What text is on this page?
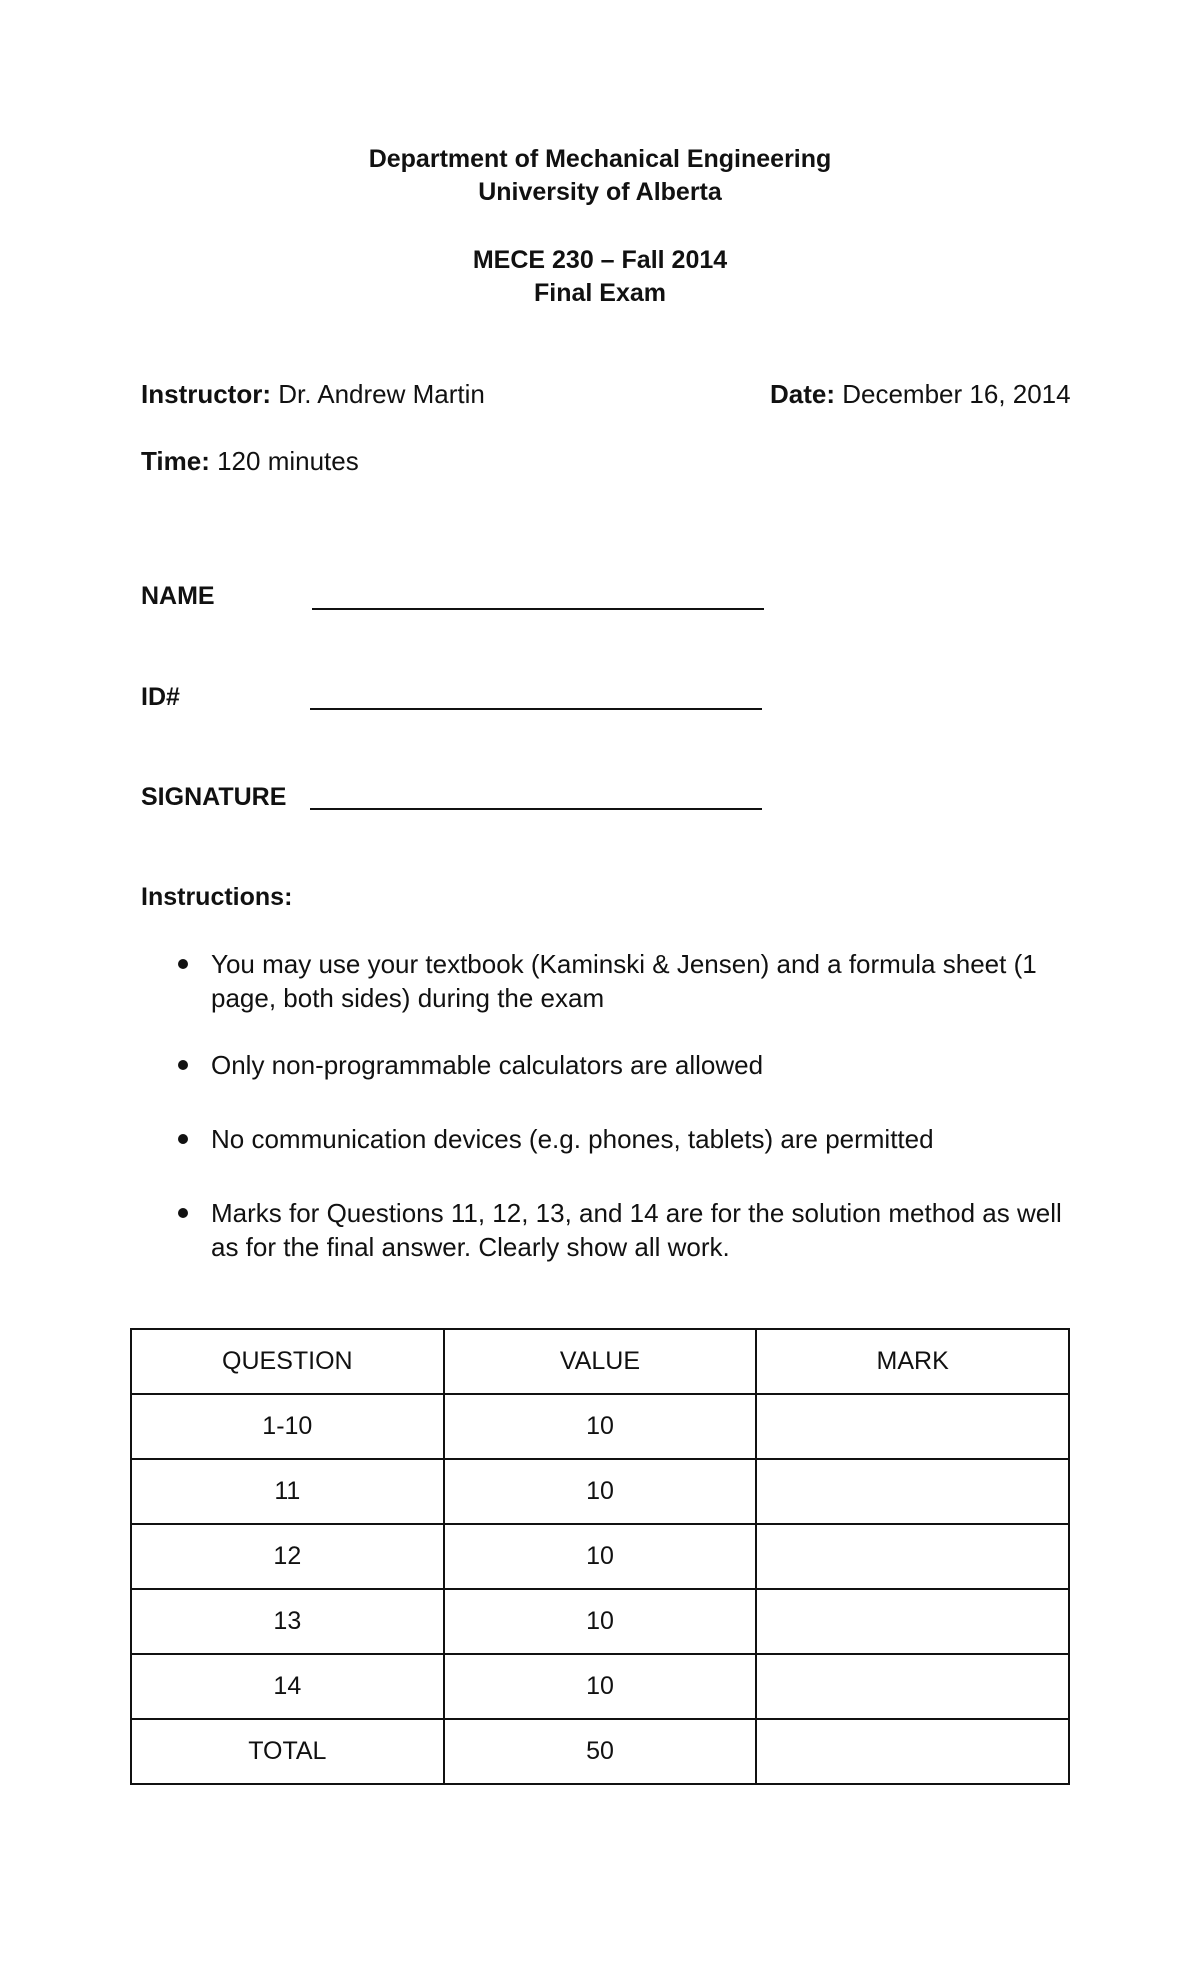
Department of Mechanical Engineering
University of Alberta
MECE 230 – Fall 2014
Final Exam
Instructor: Dr. Andrew Martin	Date: December 16, 2014
Time: 120 minutes
NAME
ID#
SIGNATURE
Instructions:
You may use your textbook (Kaminski & Jensen) and a formula sheet (1 page, both sides) during the exam
Only non-programmable calculators are allowed
No communication devices (e.g. phones, tablets) are permitted
Marks for Questions 11, 12, 13, and 14 are for the solution method as well as for the final answer. Clearly show all work.
QUESTION	VALUE	MARK
1-10	10	
11	10	
12	10	
13	10	
14	10	
TOTAL	50	
